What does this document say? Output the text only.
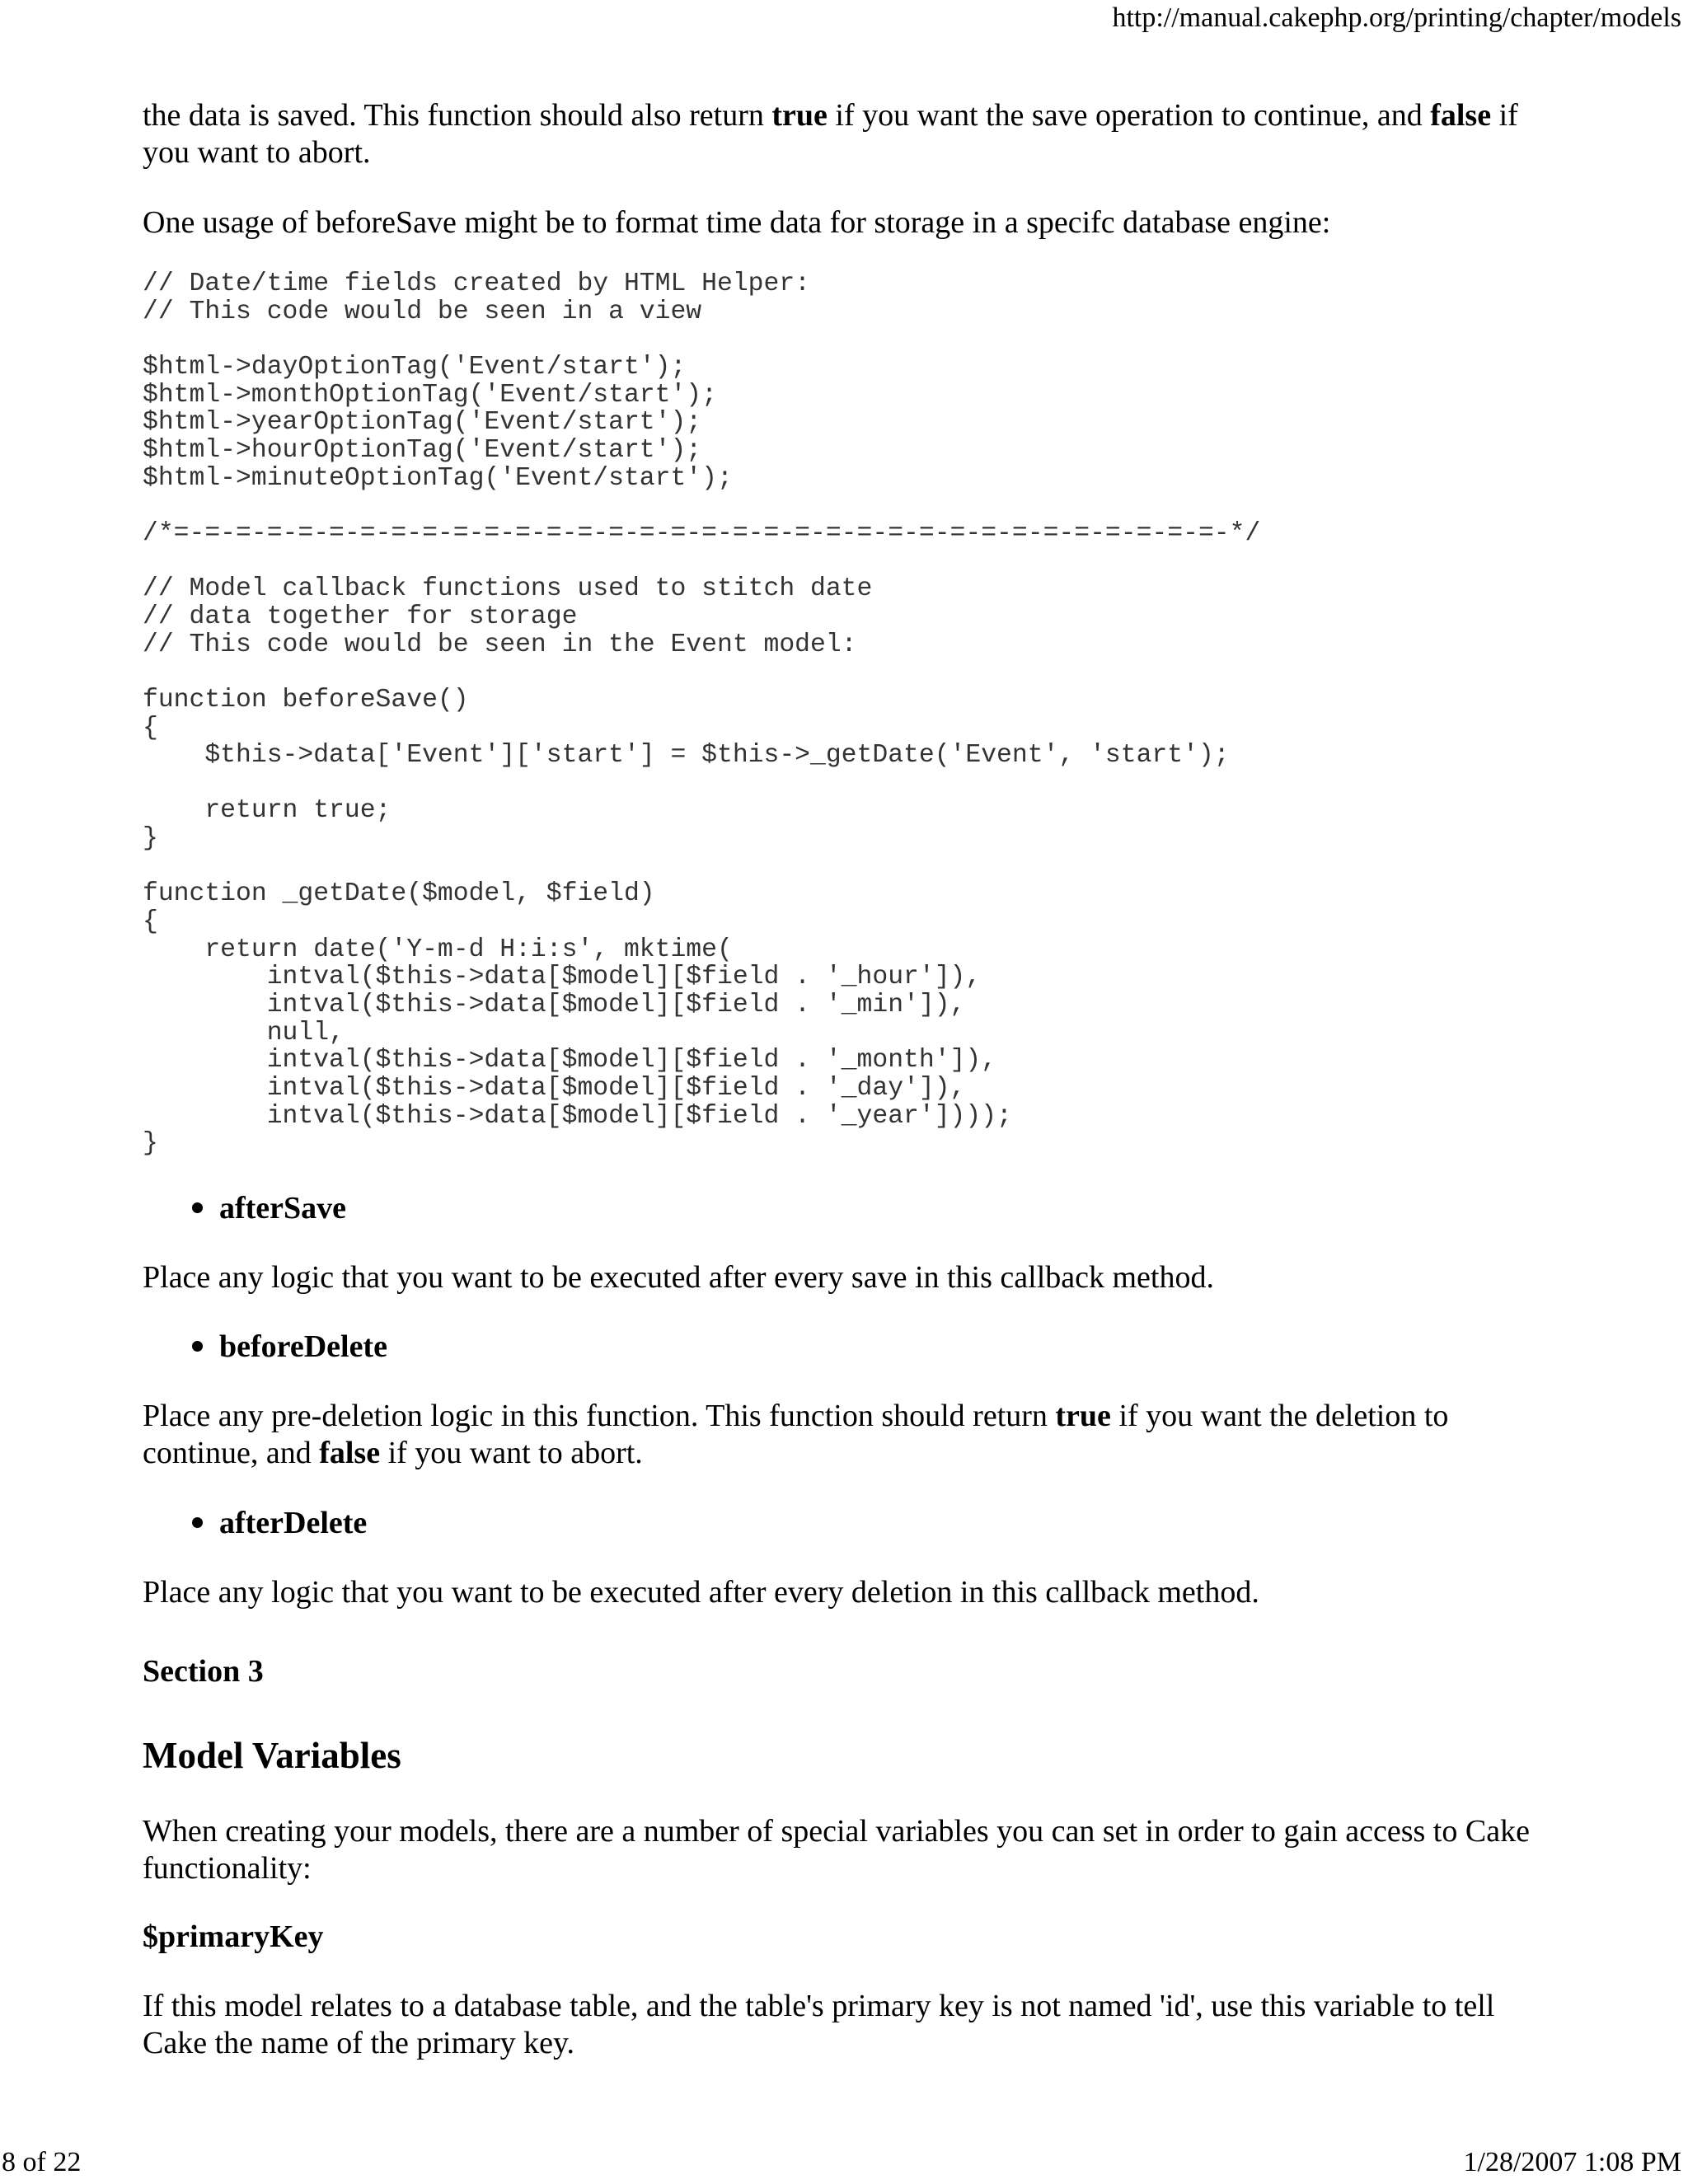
http://manual.cakephp.org/printing/chapter/models

the data is saved. This function should also return true if you want the save operation to continue, and false if you want to abort.

One usage of beforeSave might be to format time data for storage in a specifc database engine:

// Date/time fields created by HTML Helper:
// This code would be seen in a view

$html->dayOptionTag('Event/start');
$html->monthOptionTag('Event/start');
$html->yearOptionTag('Event/start');
$html->hourOptionTag('Event/start');
$html->minuteOptionTag('Event/start');

/*=-=-=-=-=-=-=-=-=-=-=-=-=-=-=-=-=-=-=-=-=-=-=-=-=-=-=-=-=-=-=-=-=-=-*/

// Model callback functions used to stitch date
// data together for storage
// This code would be seen in the Event model:

function beforeSave()
{
$this->data['Event']['start'] = $this->_getDate('Event', 'start');

return true;
}

function _getDate($model, $field)
{
return date('Y-m-d H:i:s', mktime(
intval($this->data[$model][$field . '_hour']),
intval($this->data[$model][$field . '_min']),
null,
intval($this->data[$model][$field . '_month']),
intval($this->data[$model][$field . '_day']),
intval($this->data[$model][$field . '_year'])));
}
afterSave

Place any logic that you want to be executed after every save in this callback method.

beforeDelete

Place any pre-deletion logic in this function. This function should return true if you want the deletion to continue, and false if you want to abort.

afterDelete

Place any logic that you want to be executed after every deletion in this callback method.

Section 3
Model Variables

When creating your models, there are a number of special variables you can set in order to gain access to Cake functionality:

$primaryKey

If this model relates to a database table, and the table's primary key is not named 'id', use this variable to tell Cake the name of the primary key.

8 of 22	1/28/2007 1:08 PM
